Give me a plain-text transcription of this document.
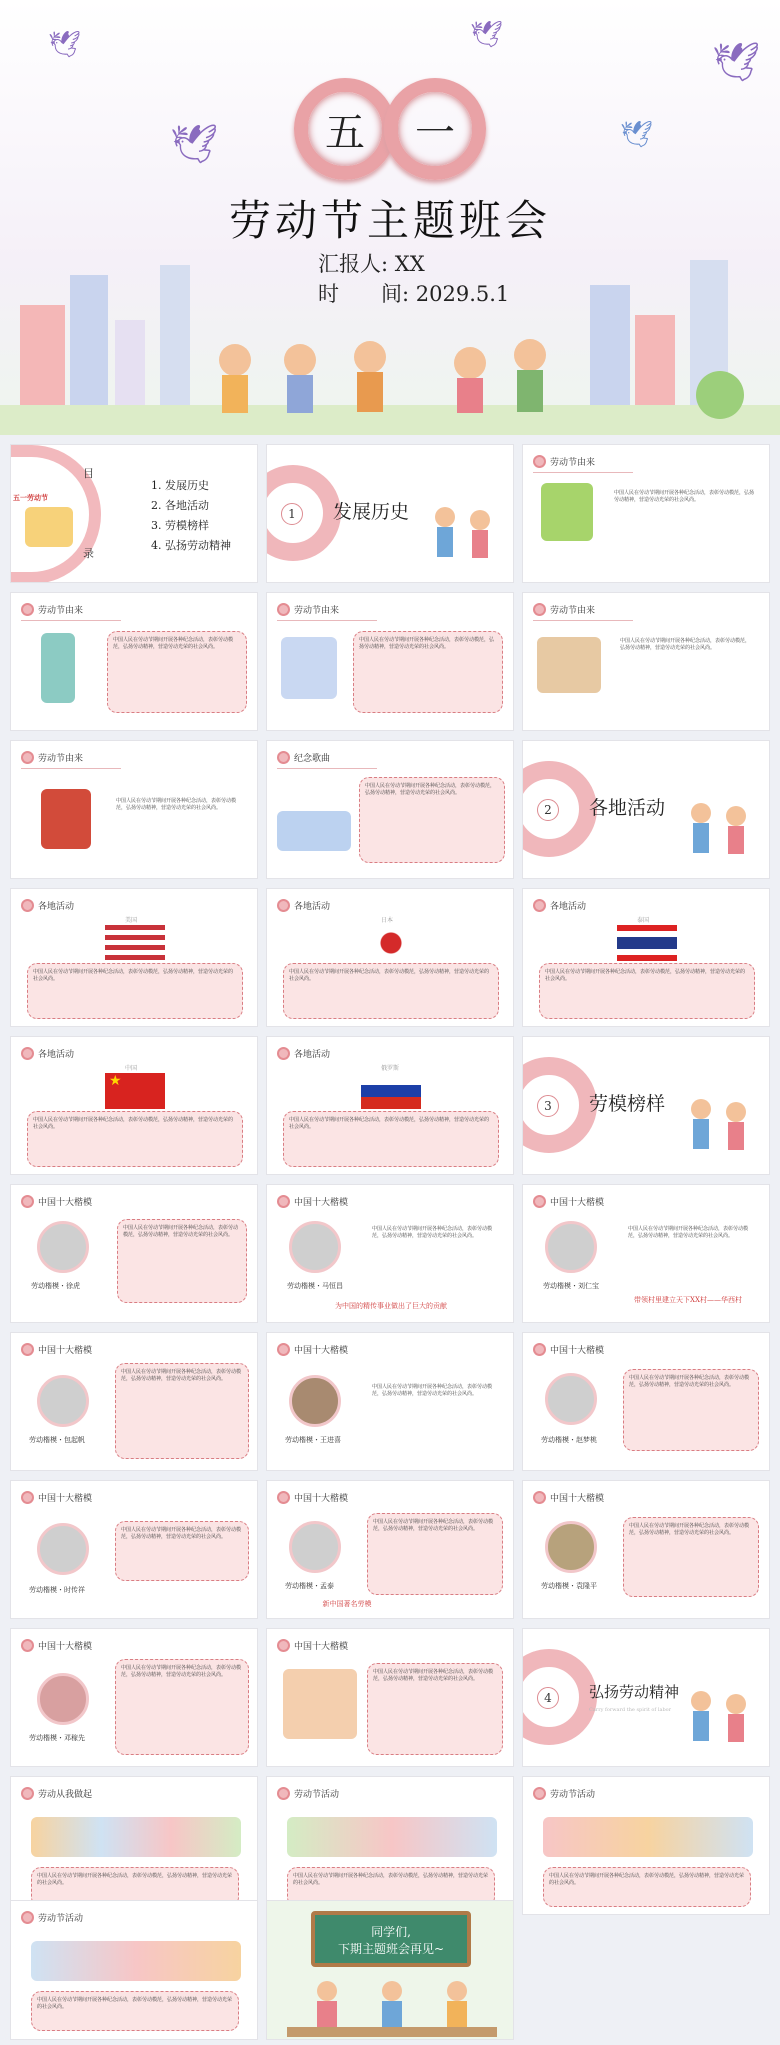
🕊
🕊
🕊
🕊
🕊
五	一
劳动节主题班会
汇报人: XX
时　　间: 2029.5.1
目
录
五一劳动节
1. 发展历史
2. 各地活动
3. 劳模榜样
4. 弘扬劳动精神
1	发展历史
劳动节由来
中国人民在劳动节期间开展各种纪念活动，表彰劳动模范，弘扬劳动精神，营造劳动光荣的社会风尚。
劳动节由来
中国人民在劳动节期间开展各种纪念活动，表彰劳动模范，弘扬劳动精神，营造劳动光荣的社会风尚。
劳动节由来
中国人民在劳动节期间开展各种纪念活动，表彰劳动模范，弘扬劳动精神，营造劳动光荣的社会风尚。
劳动节由来
中国人民在劳动节期间开展各种纪念活动，表彰劳动模范，弘扬劳动精神，营造劳动光荣的社会风尚。
劳动节由来
中国人民在劳动节期间开展各种纪念活动，表彰劳动模范，弘扬劳动精神，营造劳动光荣的社会风尚。
纪念歌曲
中国人民在劳动节期间开展各种纪念活动，表彰劳动模范，弘扬劳动精神，营造劳动光荣的社会风尚。
2	各地活动
各地活动
美国
中国人民在劳动节期间开展各种纪念活动，表彰劳动模范，弘扬劳动精神，营造劳动光荣的社会风尚。
各地活动
日本
中国人民在劳动节期间开展各种纪念活动，表彰劳动模范，弘扬劳动精神，营造劳动光荣的社会风尚。
各地活动
泰国
中国人民在劳动节期间开展各种纪念活动，表彰劳动模范，弘扬劳动精神，营造劳动光荣的社会风尚。
各地活动
中国
★
中国人民在劳动节期间开展各种纪念活动，表彰劳动模范，弘扬劳动精神，营造劳动光荣的社会风尚。
各地活动
俄罗斯
中国人民在劳动节期间开展各种纪念活动，表彰劳动模范，弘扬劳动精神，营造劳动光荣的社会风尚。
3	劳模榜样
中国十大楷模
劳动楷模・徐虎
中国人民在劳动节期间开展各种纪念活动，表彰劳动模范，弘扬劳动精神，营造劳动光荣的社会风尚。
中国十大楷模
劳动楷模・马恒昌
中国人民在劳动节期间开展各种纪念活动，表彰劳动模范，弘扬劳动精神，营造劳动光荣的社会风尚。
为中国的精传事业做出了巨大的贡献
中国十大楷模
劳动楷模・刘仁宝
中国人民在劳动节期间开展各种纪念活动，表彰劳动模范，弘扬劳动精神，营造劳动光荣的社会风尚。
带领村里建立天下XX村——华西村
中国十大楷模
劳动楷模・包起帆
中国人民在劳动节期间开展各种纪念活动，表彰劳动模范，弘扬劳动精神，营造劳动光荣的社会风尚。
中国十大楷模
劳动楷模・王进喜
中国人民在劳动节期间开展各种纪念活动，表彰劳动模范，弘扬劳动精神，营造劳动光荣的社会风尚。
中国十大楷模
劳动楷模・赵梦桃
中国人民在劳动节期间开展各种纪念活动，表彰劳动模范，弘扬劳动精神，营造劳动光荣的社会风尚。
中国十大楷模
劳动楷模・时传祥
中国人民在劳动节期间开展各种纪念活动，表彰劳动模范，弘扬劳动精神，营造劳动光荣的社会风尚。
中国十大楷模
劳动楷模・孟泰
中国人民在劳动节期间开展各种纪念活动，表彰劳动模范，弘扬劳动精神，营造劳动光荣的社会风尚。
新中国著名劳模
中国十大楷模
劳动楷模・袁隆平
中国人民在劳动节期间开展各种纪念活动，表彰劳动模范，弘扬劳动精神，营造劳动光荣的社会风尚。
中国十大楷模
劳动楷模・邓稼先
中国人民在劳动节期间开展各种纪念活动，表彰劳动模范，弘扬劳动精神，营造劳动光荣的社会风尚。
中国十大楷模
中国人民在劳动节期间开展各种纪念活动，表彰劳动模范，弘扬劳动精神，营造劳动光荣的社会风尚。
4	弘扬劳动精神
Carry forward the spirit of labor
劳动从我做起
中国人民在劳动节期间开展各种纪念活动，表彰劳动模范，弘扬劳动精神，营造劳动光荣的社会风尚。
劳动节活动
中国人民在劳动节期间开展各种纪念活动，表彰劳动模范，弘扬劳动精神，营造劳动光荣的社会风尚。
劳动节活动
中国人民在劳动节期间开展各种纪念活动，表彰劳动模范，弘扬劳动精神，营造劳动光荣的社会风尚。
劳动节活动
中国人民在劳动节期间开展各种纪念活动，表彰劳动模范，弘扬劳动精神，营造劳动光荣的社会风尚。
同学们,
下期主题班会再见~
